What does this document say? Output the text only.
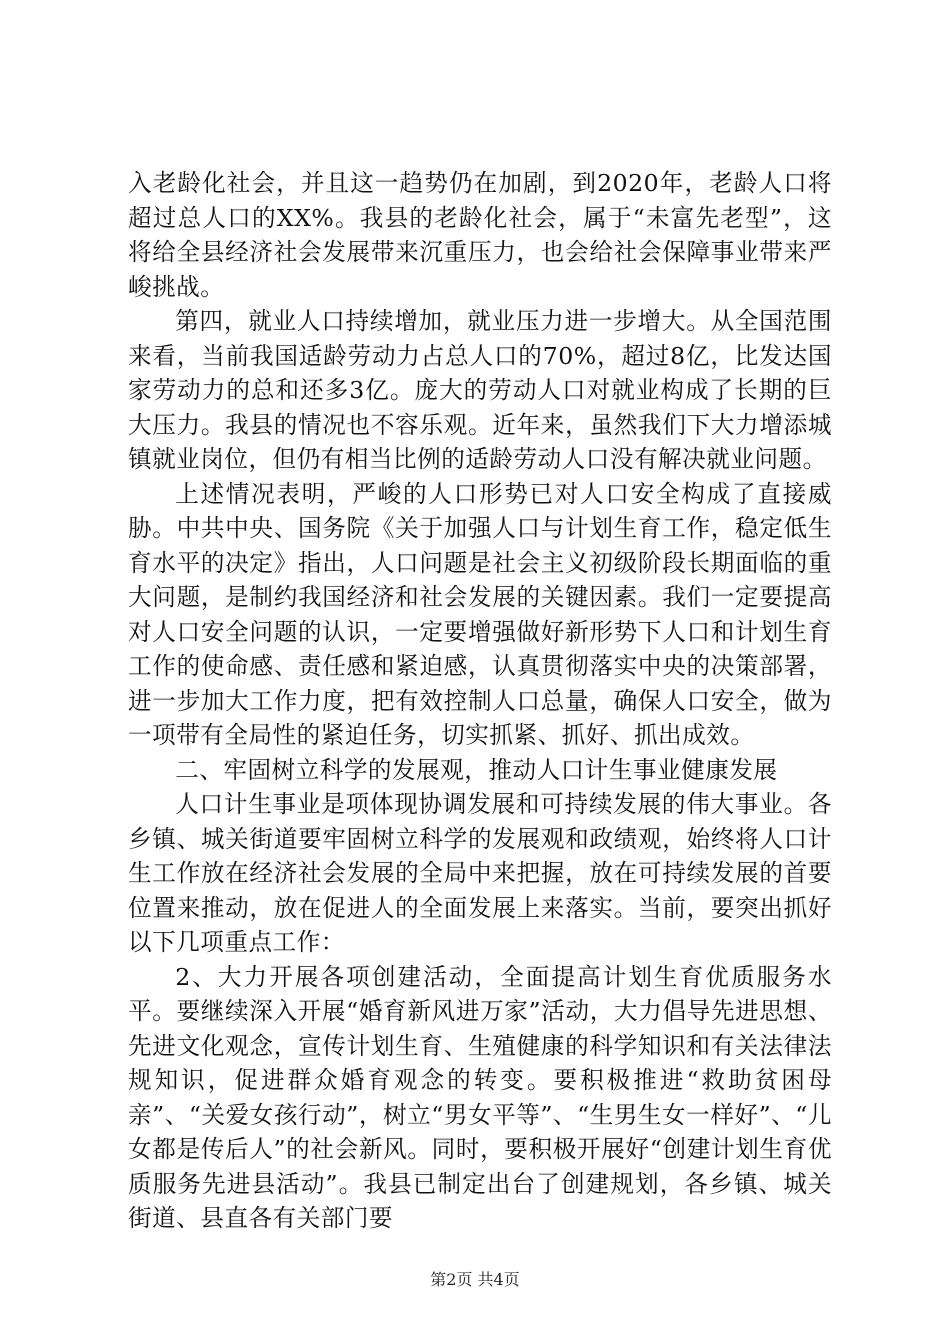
入老龄化社会，并且这一趋势仍在加剧，到2020年，老龄人口将超过总人口的XX%。我县的老龄化社会，属于“未富先老型”，这将给全县经济社会发展带来沉重压力，也会给社会保障事业带来严峻挑战。

第四，就业人口持续增加，就业压力进一步增大。从全国范围来看，当前我国适龄劳动力占总人口的70%，超过8亿，比发达国家劳动力的总和还多3亿。庞大的劳动人口对就业构成了长期的巨大压力。我县的情况也不容乐观。近年来，虽然我们下大力增添城镇就业岗位，但仍有相当比例的适龄劳动人口没有解决就业问题。

上述情况表明，严峻的人口形势已对人口安全构成了直接威胁。中共中央、国务院《关于加强人口与计划生育工作，稳定低生育水平的决定》指出，人口问题是社会主义初级阶段长期面临的重大问题，是制约我国经济和社会发展的关键因素。我们一定要提高对人口安全问题的认识，一定要增强做好新形势下人口和计划生育工作的使命感、责任感和紧迫感，认真贯彻落实中央的决策部署，进一步加大工作力度，把有效控制人口总量，确保人口安全，做为一项带有全局性的紧迫任务，切实抓紧、抓好、抓出成效。

二、牢固树立科学的发展观，推动人口计生事业健康发展

人口计生事业是项体现协调发展和可持续发展的伟大事业。各乡镇、城关街道要牢固树立科学的发展观和政绩观，始终将人口计生工作放在经济社会发展的全局中来把握，放在可持续发展的首要位置来推动，放在促进人的全面发展上来落实。当前，要突出抓好以下几项重点工作：

2、大力开展各项创建活动，全面提高计划生育优质服务水平。要继续深入开展“婚育新风进万家”活动，大力倡导先进思想、先进文化观念，宣传计划生育、生殖健康的科学知识和有关法律法规知识，促进群众婚育观念的转变。要积极推进“救助贫困母亲”、“关爱女孩行动”，树立“男女平等”、“生男生女一样好”、“儿女都是传后人”的社会新风。同时，要积极开展好“创建计划生育优质服务先进县活动”。我县已制定出台了创建规划，各乡镇、城关街道、县直各有关部门要

第2页 共4页
